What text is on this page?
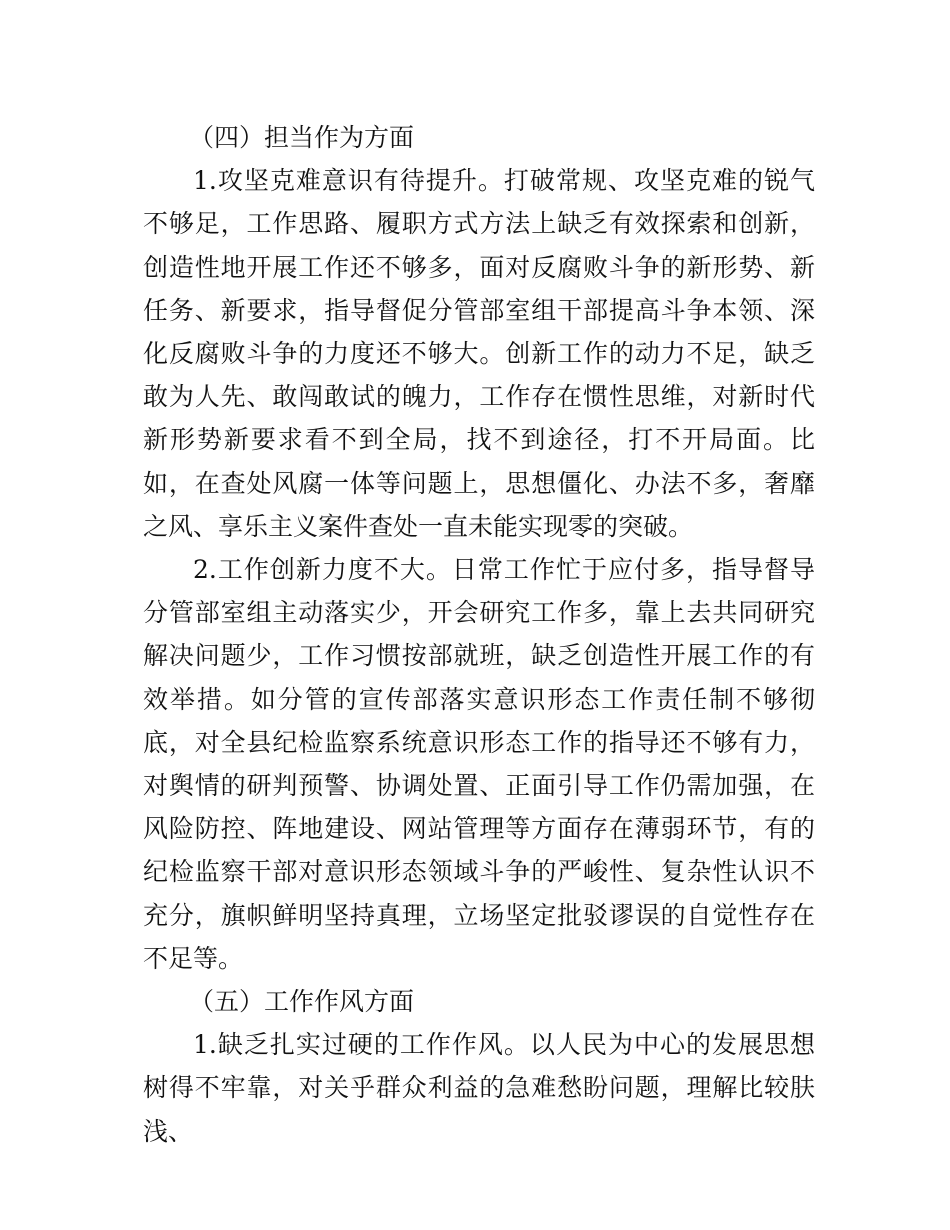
（四）担当作为方面

1.攻坚克难意识有待提升。打破常规、攻坚克难的锐气不够足，工作思路、履职方式方法上缺乏有效探索和创新，创造性地开展工作还不够多，面对反腐败斗争的新形势、新任务、新要求，指导督促分管部室组干部提高斗争本领、深化反腐败斗争的力度还不够大。创新工作的动力不足，缺乏敢为人先、敢闯敢试的魄力，工作存在惯性思维，对新时代新形势新要求看不到全局，找不到途径，打不开局面。比如，在查处风腐一体等问题上，思想僵化、办法不多，奢靡之风、享乐主义案件查处一直未能实现零的突破。

2.工作创新力度不大。日常工作忙于应付多，指导督导分管部室组主动落实少，开会研究工作多，靠上去共同研究解决问题少，工作习惯按部就班，缺乏创造性开展工作的有效举措。如分管的宣传部落实意识形态工作责任制不够彻底，对全县纪检监察系统意识形态工作的指导还不够有力，对舆情的研判预警、协调处置、正面引导工作仍需加强，在风险防控、阵地建设、网站管理等方面存在薄弱环节，有的纪检监察干部对意识形态领域斗争的严峻性、复杂性认识不充分，旗帜鲜明坚持真理，立场坚定批驳谬误的自觉性存在不足等。

（五）工作作风方面

1.缺乏扎实过硬的工作作风。以人民为中心的发展思想树得不牢靠，对关乎群众利益的急难愁盼问题，理解比较肤浅、
